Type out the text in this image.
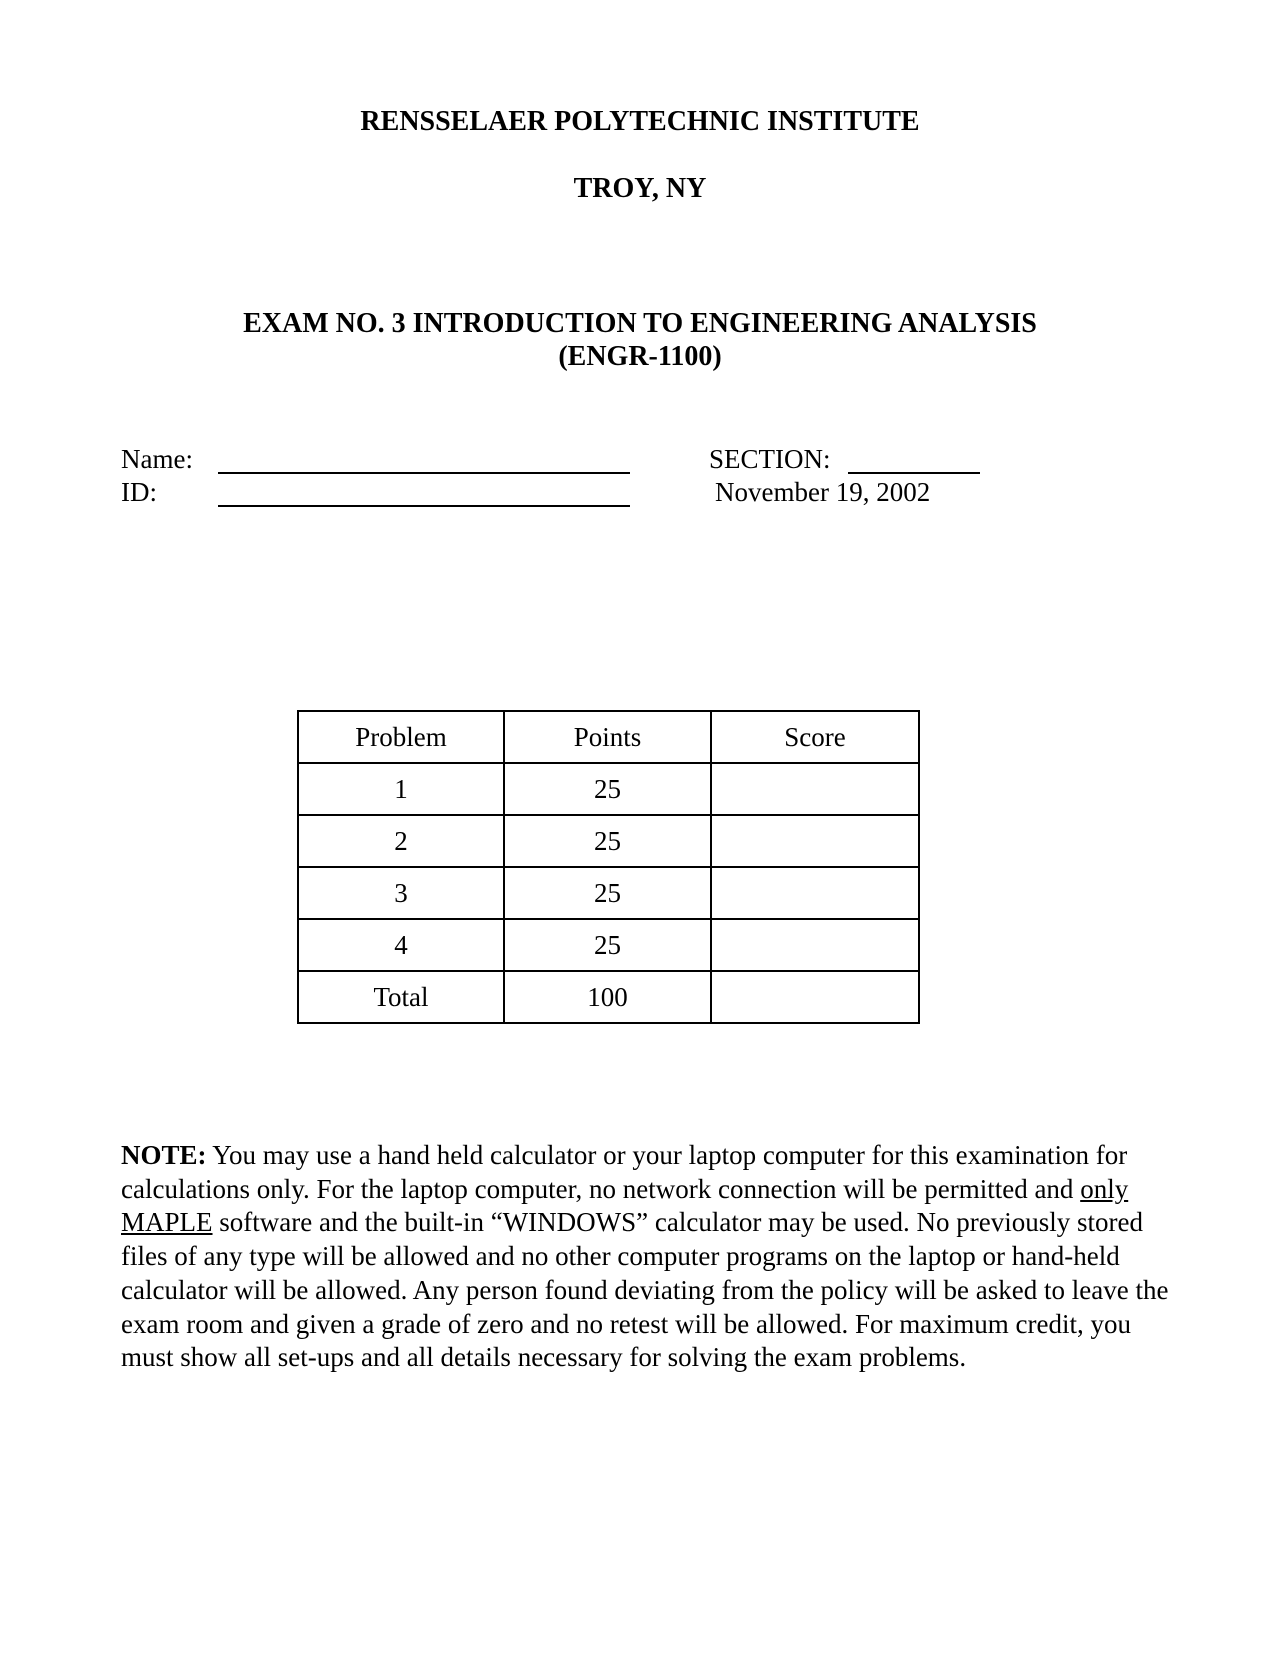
RENSSELAER POLYTECHNIC INSTITUTE
TROY, NY
EXAM NO. 3 INTRODUCTION TO ENGINEERING ANALYSIS
(ENGR-1100)
Name:
ID:
SECTION:
November 19, 2002
Problem	Points	Score
1	25	
2	25	
3	25	
4	25	
Total	100	
NOTE: You may use a hand held calculator or your laptop computer for this examination for calculations only. For the laptop computer, no network connection will be permitted and only MAPLE software and the built-in “WINDOWS” calculator may be used. No previously stored files of any type will be allowed and no other computer programs on the laptop or hand-held calculator will be allowed. Any person found deviating from the policy will be asked to leave the exam room and given a grade of zero and no retest will be allowed. For maximum credit, you must show all set-ups and all details necessary for solving the exam problems.
